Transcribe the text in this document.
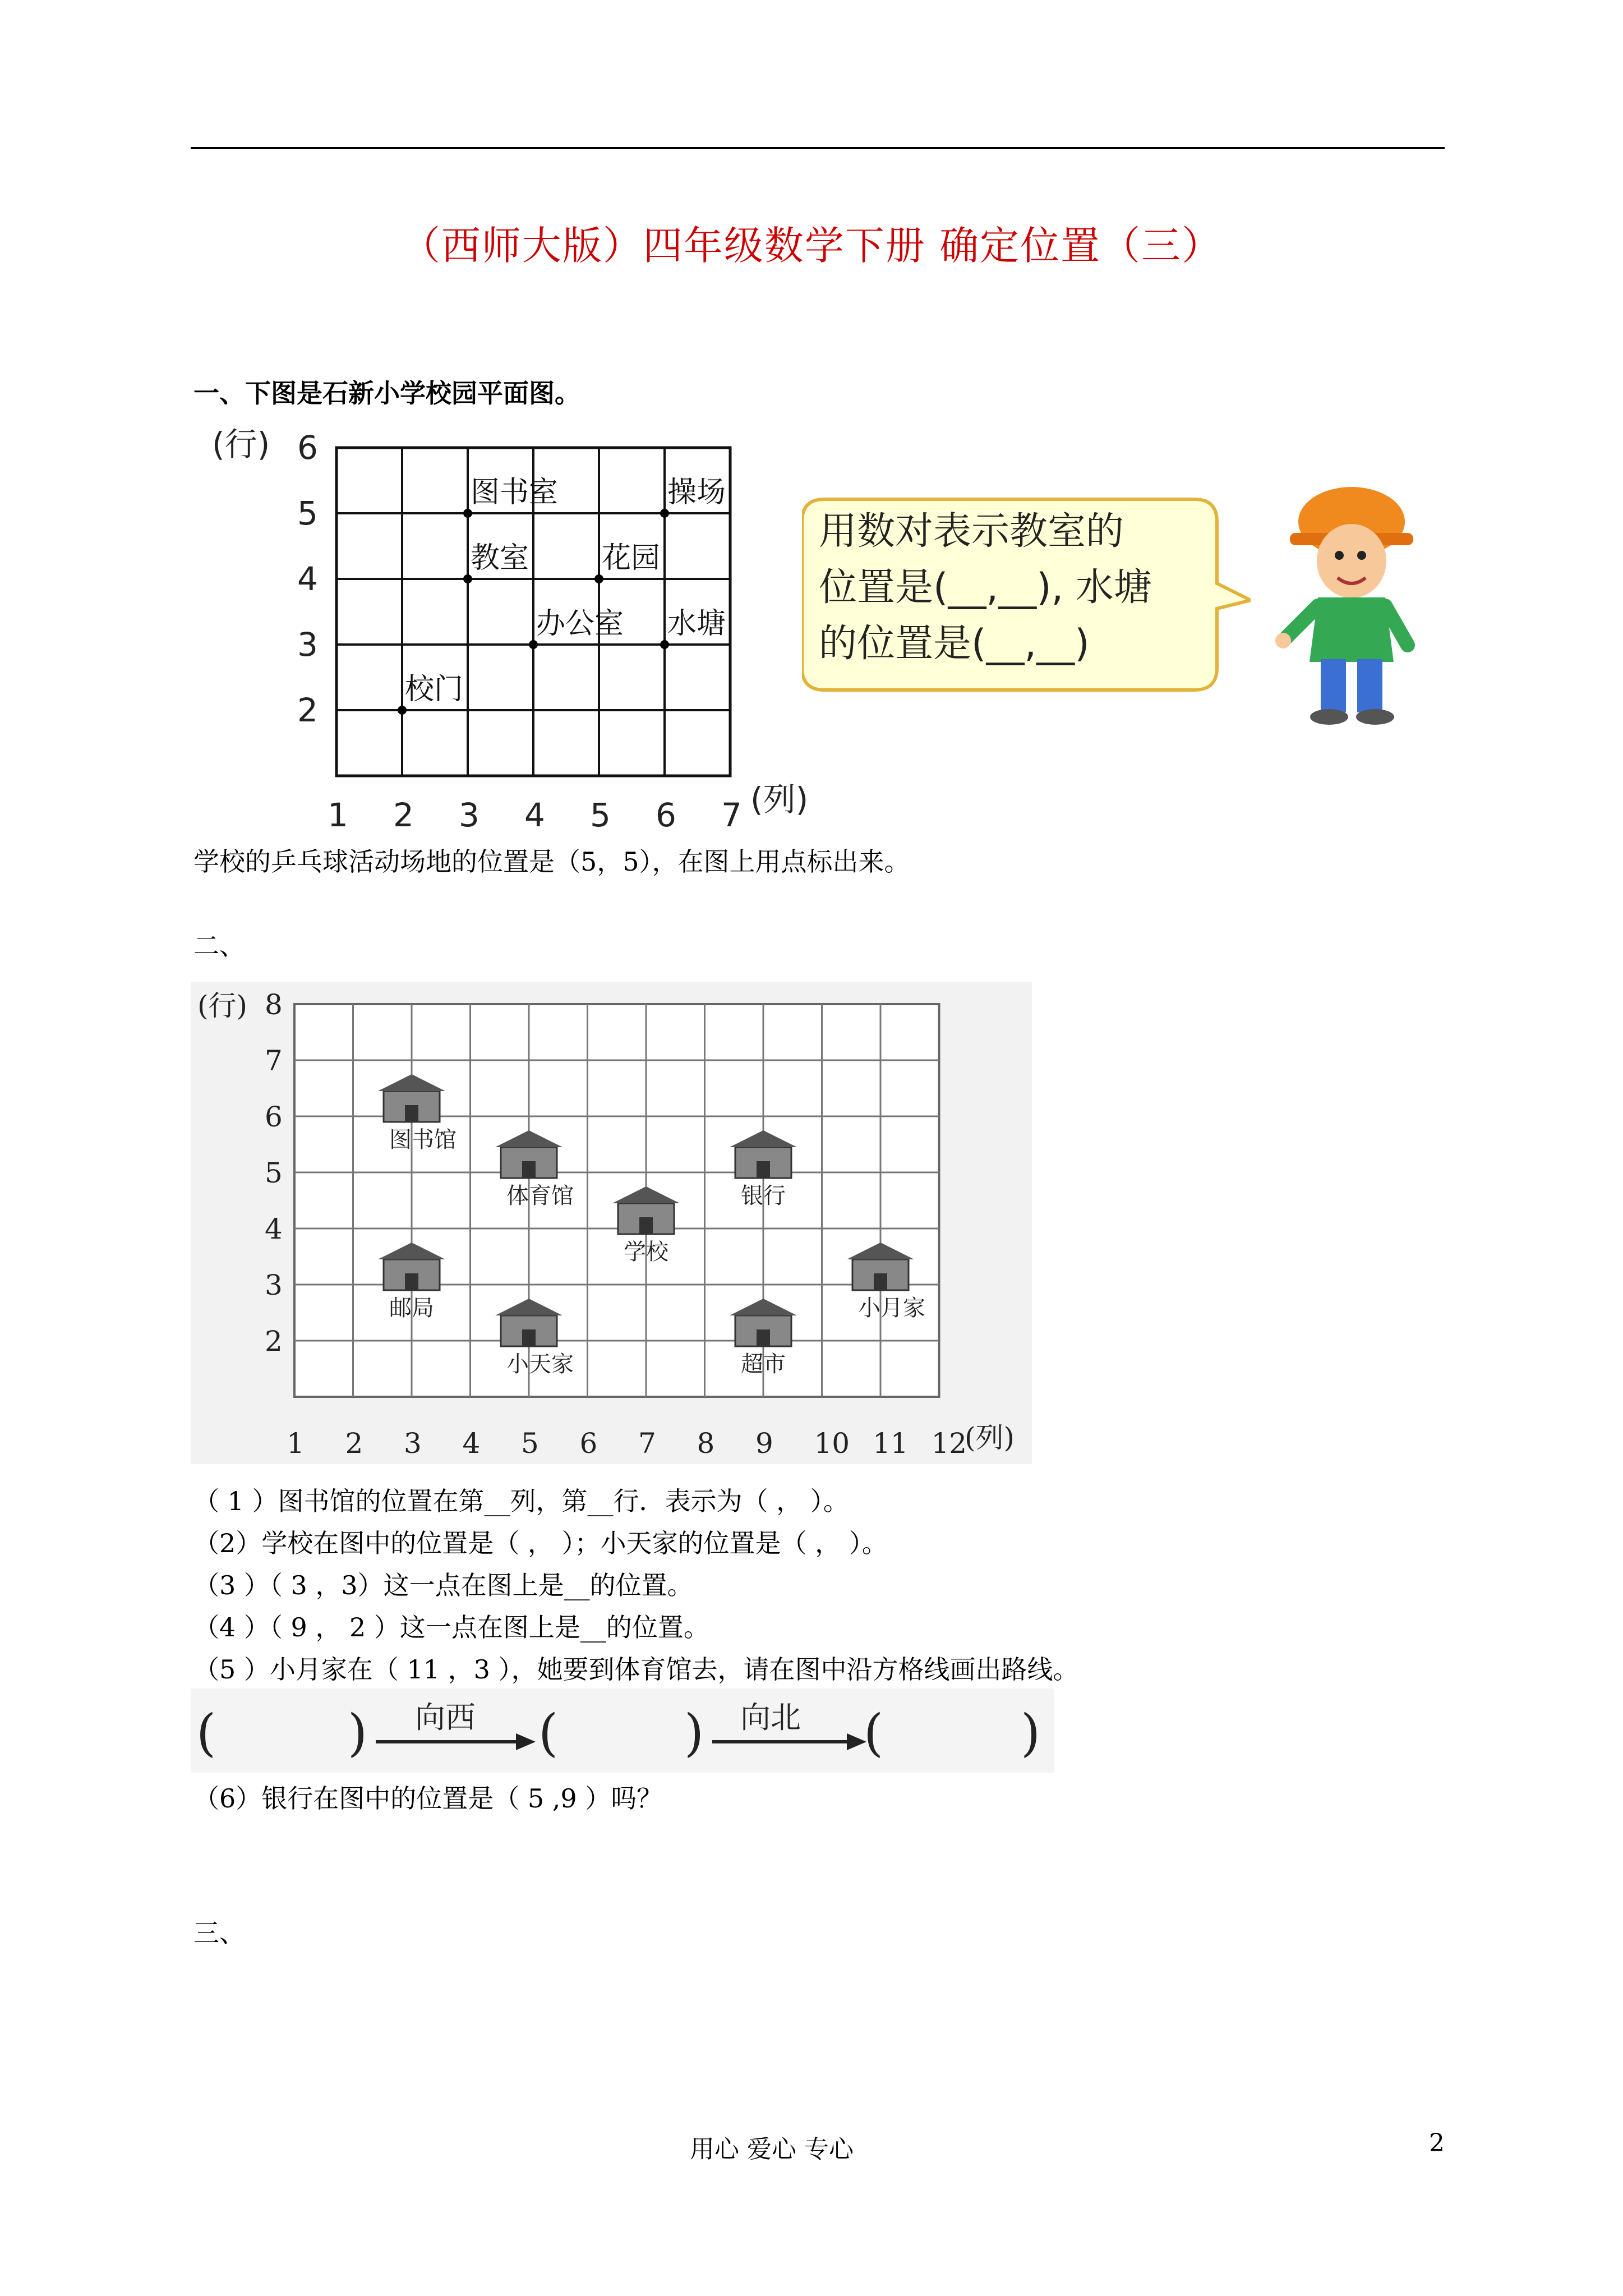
（西师大版）四年级数学下册 确定位置（三）
一、下图是石新小学校园平面图。
1 2 3 4 5 6 7
6
5
4
3
2
图书室
花园
操场
教室
办公室 水塘
校门
(行)
(列)
用数对表示教室的
位置是(__,__), 水塘
的位置是(__,__)
学校的乒乓球活动场地的位置是（5，5），在图上用点标出来。
二、
1 2 3 4 5 6 7 8 9 10 11 12
8
7
6
5
4
3
2
图书馆
体育馆	银行
学校
邮局	小月家
小天家	超市
(行)
(列)
（ 1 ）图书馆的位置在第__列，第__行．表示为（ ， ）。
（2）学校在图中的位置是（ ， ）；小天家的位置是（ ， ）。
（3 ）（ 3 ，3）这一点在图上是__的位置。
（4 ）（ 9 ， 2 ）这一点在图上是__的位置。
（5 ）小月家在（ 11 ，3 ），她要到体育馆去，请在图中沿方格线画出路线。
(	) 向西 ( ) 向北 (	)
（6）银行在图中的位置是（ 5 ,9 ）吗？
三、
用心 爱心 专心	2
